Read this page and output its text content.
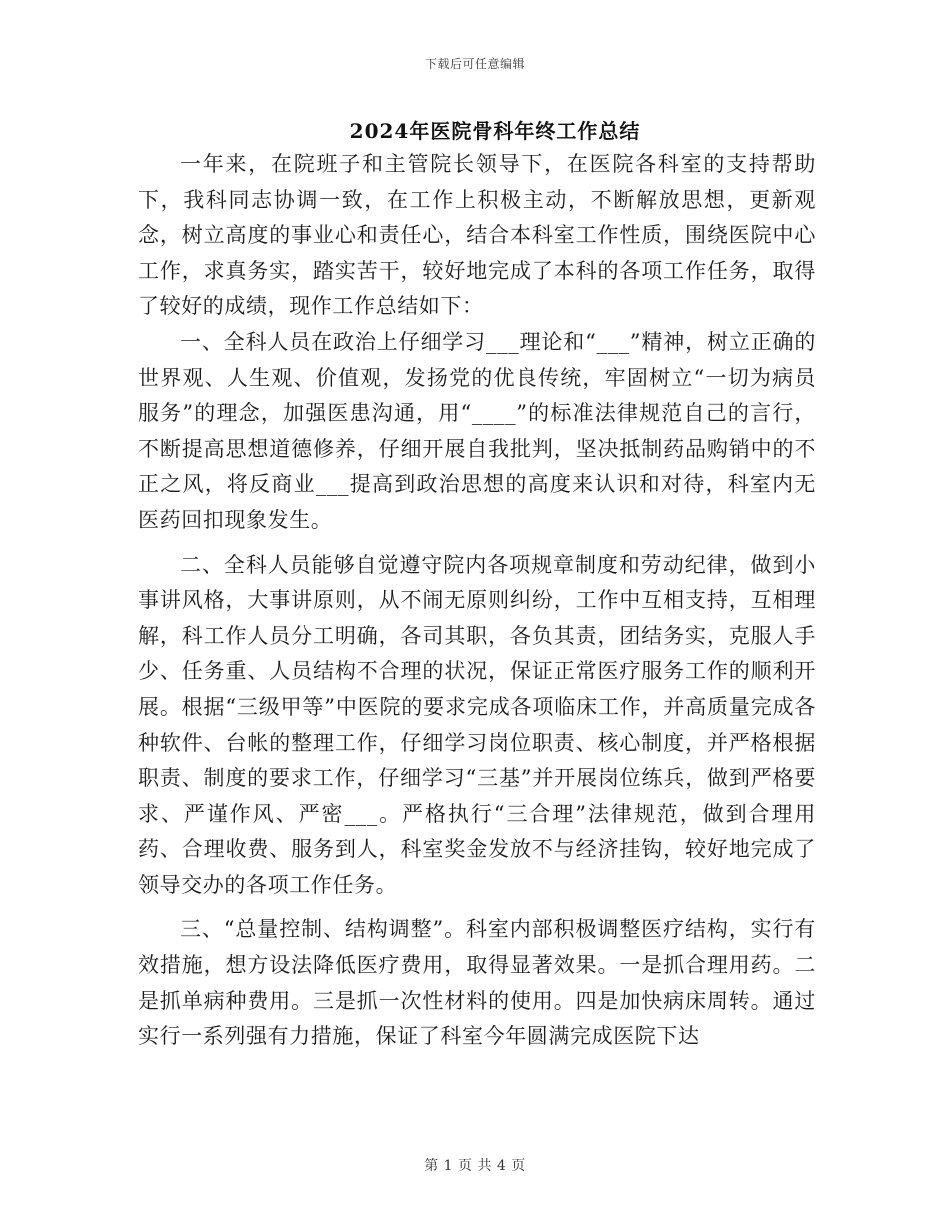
下载后可任意编辑
2024年医院骨科年终工作总结

一年来，在院班子和主管院长领导下，在医院各科室的支持帮助下，我科同志协调一致，在工作上积极主动，不断解放思想，更新观念，树立高度的事业心和责任心，结合本科室工作性质，围绕医院中心工作，求真务实，踏实苦干，较好地完成了本科的各项工作任务，取得了较好的成绩，现作工作总结如下：

一、全科人员在政治上仔细学习___理论和“___”精神，树立正确的世界观、人生观、价值观，发扬党的优良传统，牢固树立“一切为病员服务”的理念，加强医患沟通，用“____”的标准法律规范自己的言行，不断提高思想道德修养，仔细开展自我批判，坚决抵制药品购销中的不正之风，将反商业___提高到政治思想的高度来认识和对待，科室内无医药回扣现象发生。

二、全科人员能够自觉遵守院内各项规章制度和劳动纪律，做到小事讲风格，大事讲原则，从不闹无原则纠纷，工作中互相支持，互相理解，科工作人员分工明确，各司其职，各负其责，团结务实，克服人手少、任务重、人员结构不合理的状况，保证正常医疗服务工作的顺利开展。根据“三级甲等”中医院的要求完成各项临床工作，并高质量完成各种软件、台帐的整理工作，仔细学习岗位职责、核心制度，并严格根据职责、制度的要求工作，仔细学习“三基”并开展岗位练兵，做到严格要求、严谨作风、严密___。严格执行“三合理”法律规范，做到合理用药、合理收费、服务到人，科室奖金发放不与经济挂钩，较好地完成了领导交办的各项工作任务。

三、“总量控制、结构调整”。科室内部积极调整医疗结构，实行有效措施，想方设法降低医疗费用，取得显著效果。一是抓合理用药。二是抓单病种费用。三是抓一次性材料的使用。四是加快病床周转。通过实行一系列强有力措施，保证了科室今年圆满完成医院下达

第 1 页 共 4 页
